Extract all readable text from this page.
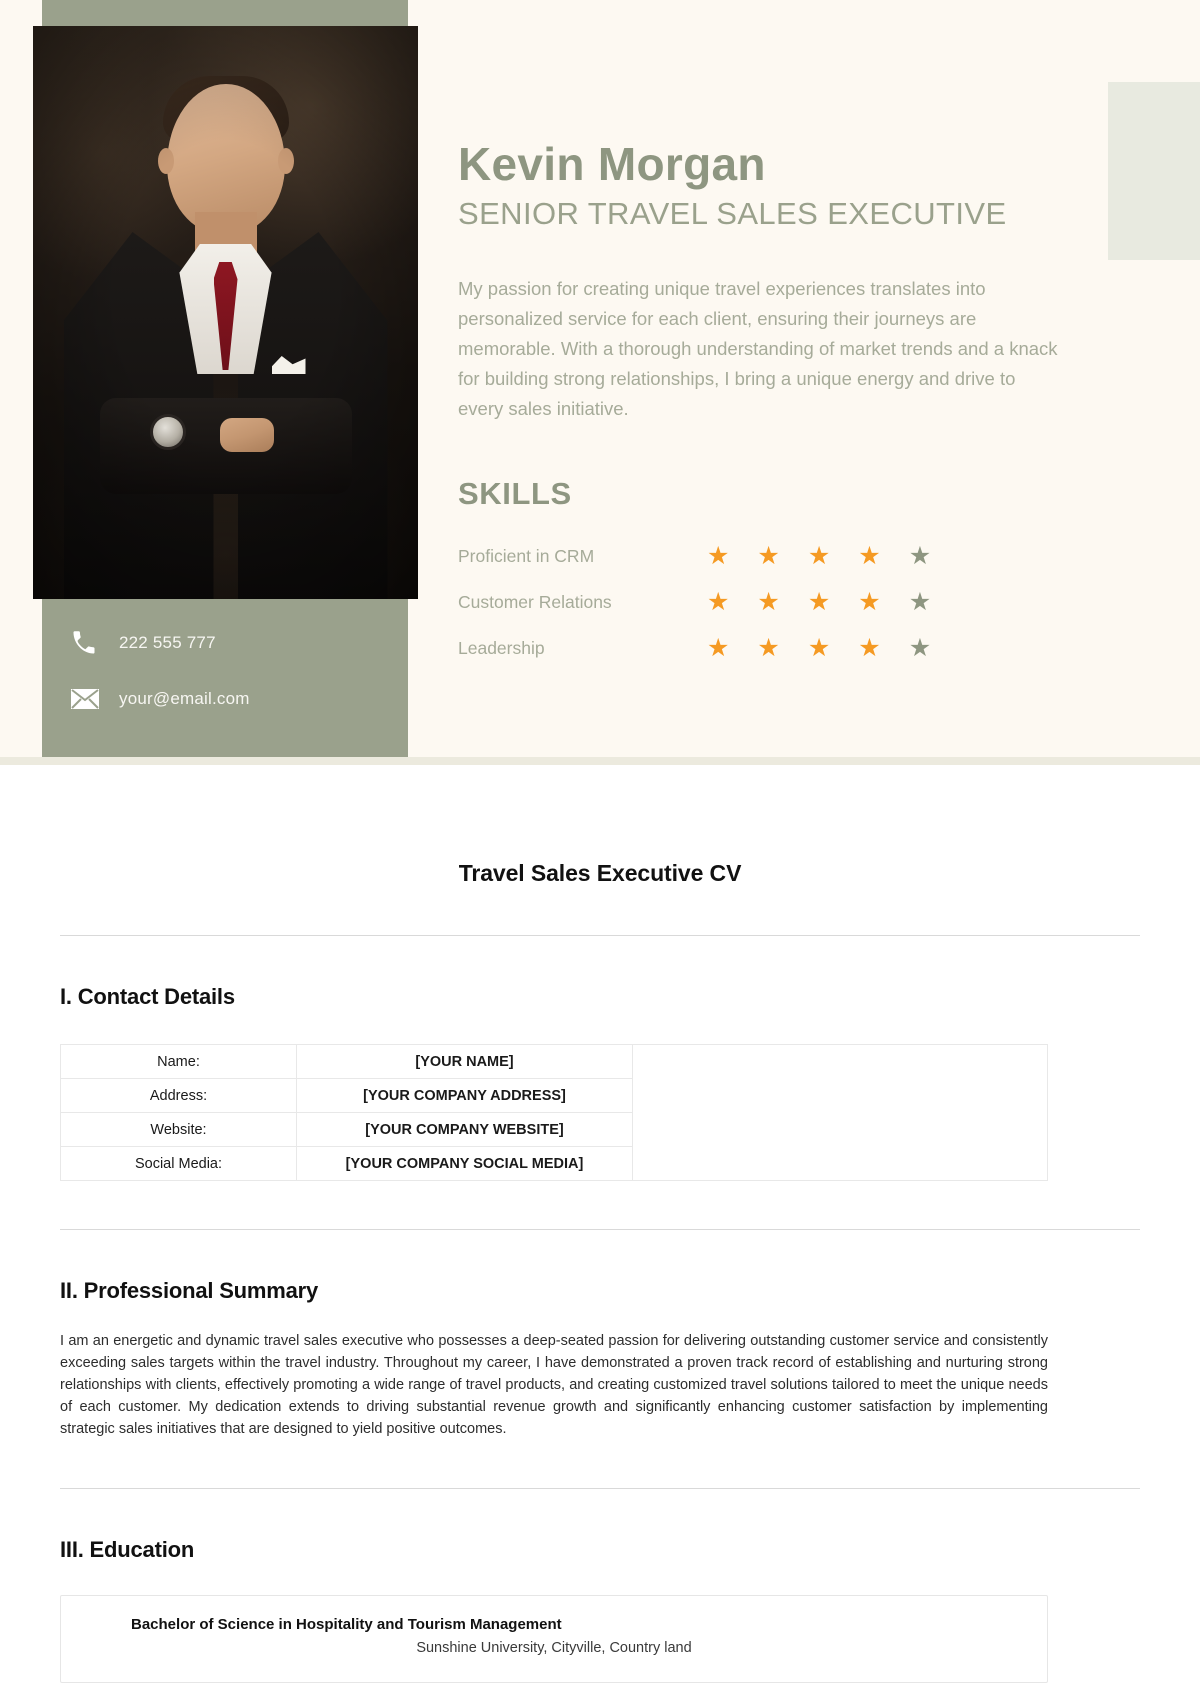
222 555 777
your@email.com
Kevin Morgan
SENIOR TRAVEL SALES EXECUTIVE
My passion for creating unique travel experiences translates into personalized service for each client, ensuring their journeys are memorable. With a thorough understanding of market trends and a knack for building strong relationships, I bring a unique energy and drive to every sales initiative.
SKILLS
Proficient in CRM	★ ★ ★ ★ ★
Customer Relations	★ ★ ★ ★ ★
Leadership	★ ★ ★ ★ ★
Travel Sales Executive CV
I. Contact Details
Name:	[YOUR NAME]	
Address:	[YOUR COMPANY ADDRESS]	
Website:	[YOUR COMPANY WEBSITE]	
Social Media:	[YOUR COMPANY SOCIAL MEDIA]	
II. Professional Summary
I am an energetic and dynamic travel sales executive who possesses a deep-seated passion for delivering outstanding customer service and consistently exceeding sales targets within the travel industry. Throughout my career, I have demonstrated a proven track record of establishing and nurturing strong relationships with clients, effectively promoting a wide range of travel products, and creating customized travel solutions tailored to meet the unique needs of each customer. My dedication extends to driving substantial revenue growth and significantly enhancing customer satisfaction by implementing strategic sales initiatives that are designed to yield positive outcomes.
III. Education
Bachelor of Science in Hospitality and Tourism Management
Sunshine University, Cityville, Country land
